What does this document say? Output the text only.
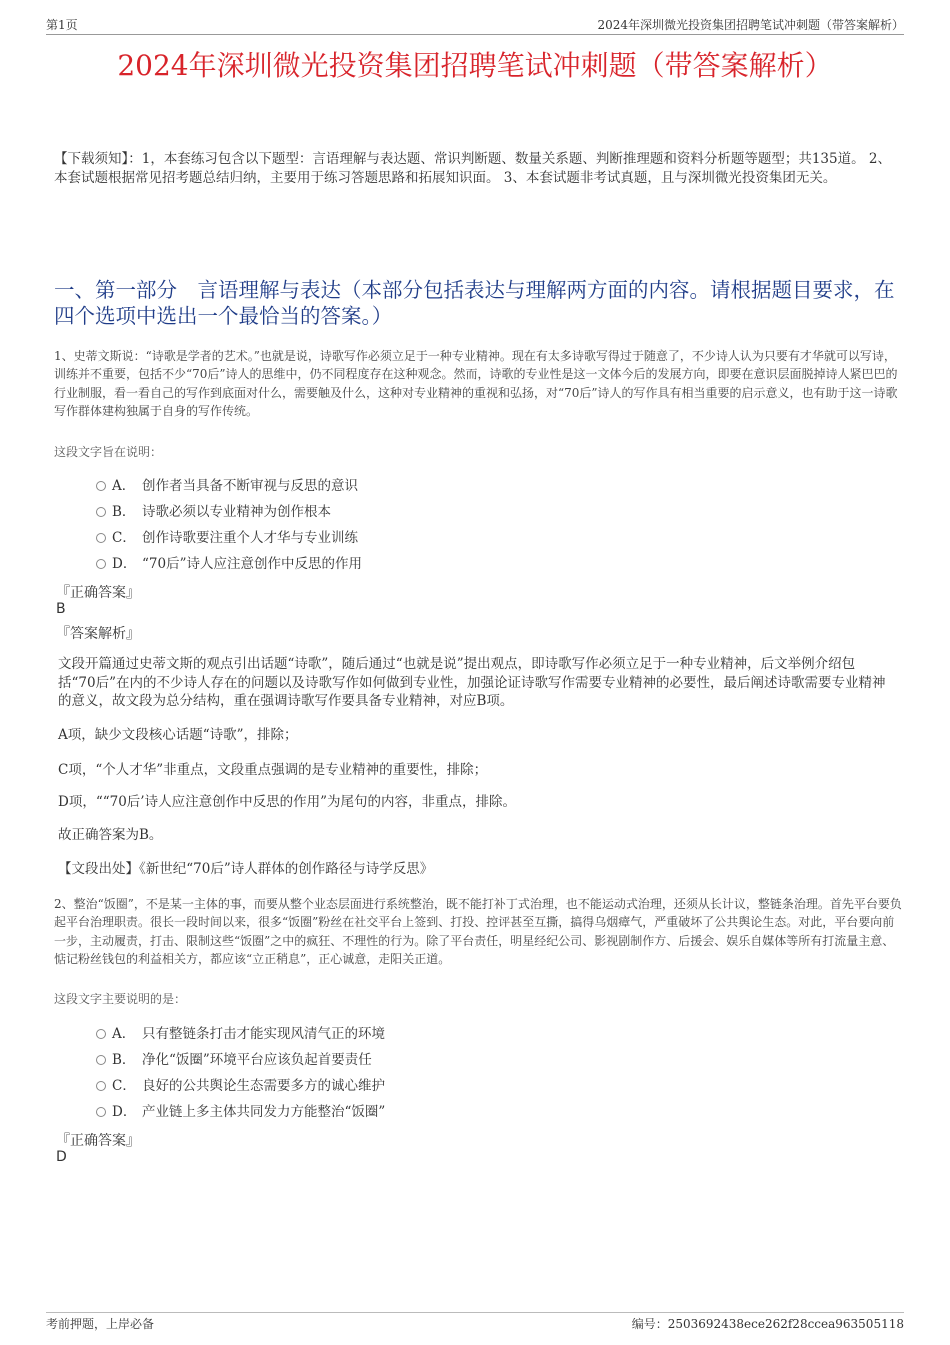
第1页	2024年深圳微光投资集团招聘笔试冲刺题（带答案解析）
2024年深圳微光投资集团招聘笔试冲刺题（带答案解析）
【下载须知】：1，本套练习包含以下题型：言语理解与表达题、常识判断题、数量关系题、判断推理题和资料分析题等题型；共135道。 2、本套试题根据常见招考题总结归纳，主要用于练习答题思路和拓展知识面。 3、本套试题非考试真题，且与深圳微光投资集团无关。
一、第一部分　言语理解与表达（本部分包括表达与理解两方面的内容。请根据题目要求，在四个选项中选出一个最恰当的答案。）
1、史蒂文斯说：“诗歌是学者的艺术。”也就是说，诗歌写作必须立足于一种专业精神。现在有太多诗歌写得过于随意了，不少诗人认为只要有才华就可以写诗，训练并不重要，包括不少“70后”诗人的思维中，仍不同程度存在这种观念。然而，诗歌的专业性是这一文体今后的发展方向，即要在意识层面脱掉诗人紧巴巴的行业制服，看一看自己的写作到底面对什么，需要触及什么，这种对专业精神的重视和弘扬，对“70后”诗人的写作具有相当重要的启示意义，也有助于这一诗歌写作群体建构独属于自身的写作传统。
这段文字旨在说明：
A． 创作者当具备不断审视与反思的意识
B． 诗歌必须以专业精神为创作根本
C． 创作诗歌要注重个人才华与专业训练
D． “70后”诗人应注意创作中反思的作用
『正确答案』
B
『答案解析』
文段开篇通过史蒂文斯的观点引出话题“诗歌”，随后通过“也就是说”提出观点，即诗歌写作必须立足于一种专业精神，后文举例介绍包括“70后”在内的不少诗人存在的问题以及诗歌写作如何做到专业性，加强论证诗歌写作需要专业精神的必要性，最后阐述诗歌需要专业精神的意义，故文段为总分结构，重在强调诗歌写作要具备专业精神，对应B项。
A项，缺少文段核心话题“诗歌”，排除；
C项，“个人才华”非重点，文段重点强调的是专业精神的重要性，排除；
D项，““70后’诗人应注意创作中反思的作用”为尾句的内容，非重点，排除。
故正确答案为B。
【文段出处】《新世纪“70后”诗人群体的创作路径与诗学反思》
2、整治“饭圈”，不是某一主体的事，而要从整个业态层面进行系统整治，既不能打补丁式治理，也不能运动式治理，还须从长计议，整链条治理。首先平台要负起平台治理职责。很长一段时间以来，很多“饭圈”粉丝在社交平台上签到、打投、控评甚至互撕，搞得乌烟瘴气，严重破坏了公共舆论生态。对此，平台要向前一步，主动履责，打击、限制这些“饭圈”之中的疯狂、不理性的行为。除了平台责任，明星经纪公司、影视剧制作方、后援会、娱乐自媒体等所有打流量主意、惦记粉丝钱包的利益相关方，都应该“立正稍息”，正心诚意，走阳关正道。
这段文字主要说明的是：
A． 只有整链条打击才能实现风清气正的环境
B． 净化“饭圈”环境平台应该负起首要责任
C． 良好的公共舆论生态需要多方的诚心维护
D． 产业链上多主体共同发力方能整治“饭圈”
『正确答案』
D
考前押题，上岸必备	编号：2503692438ece262f28ccea963505118
